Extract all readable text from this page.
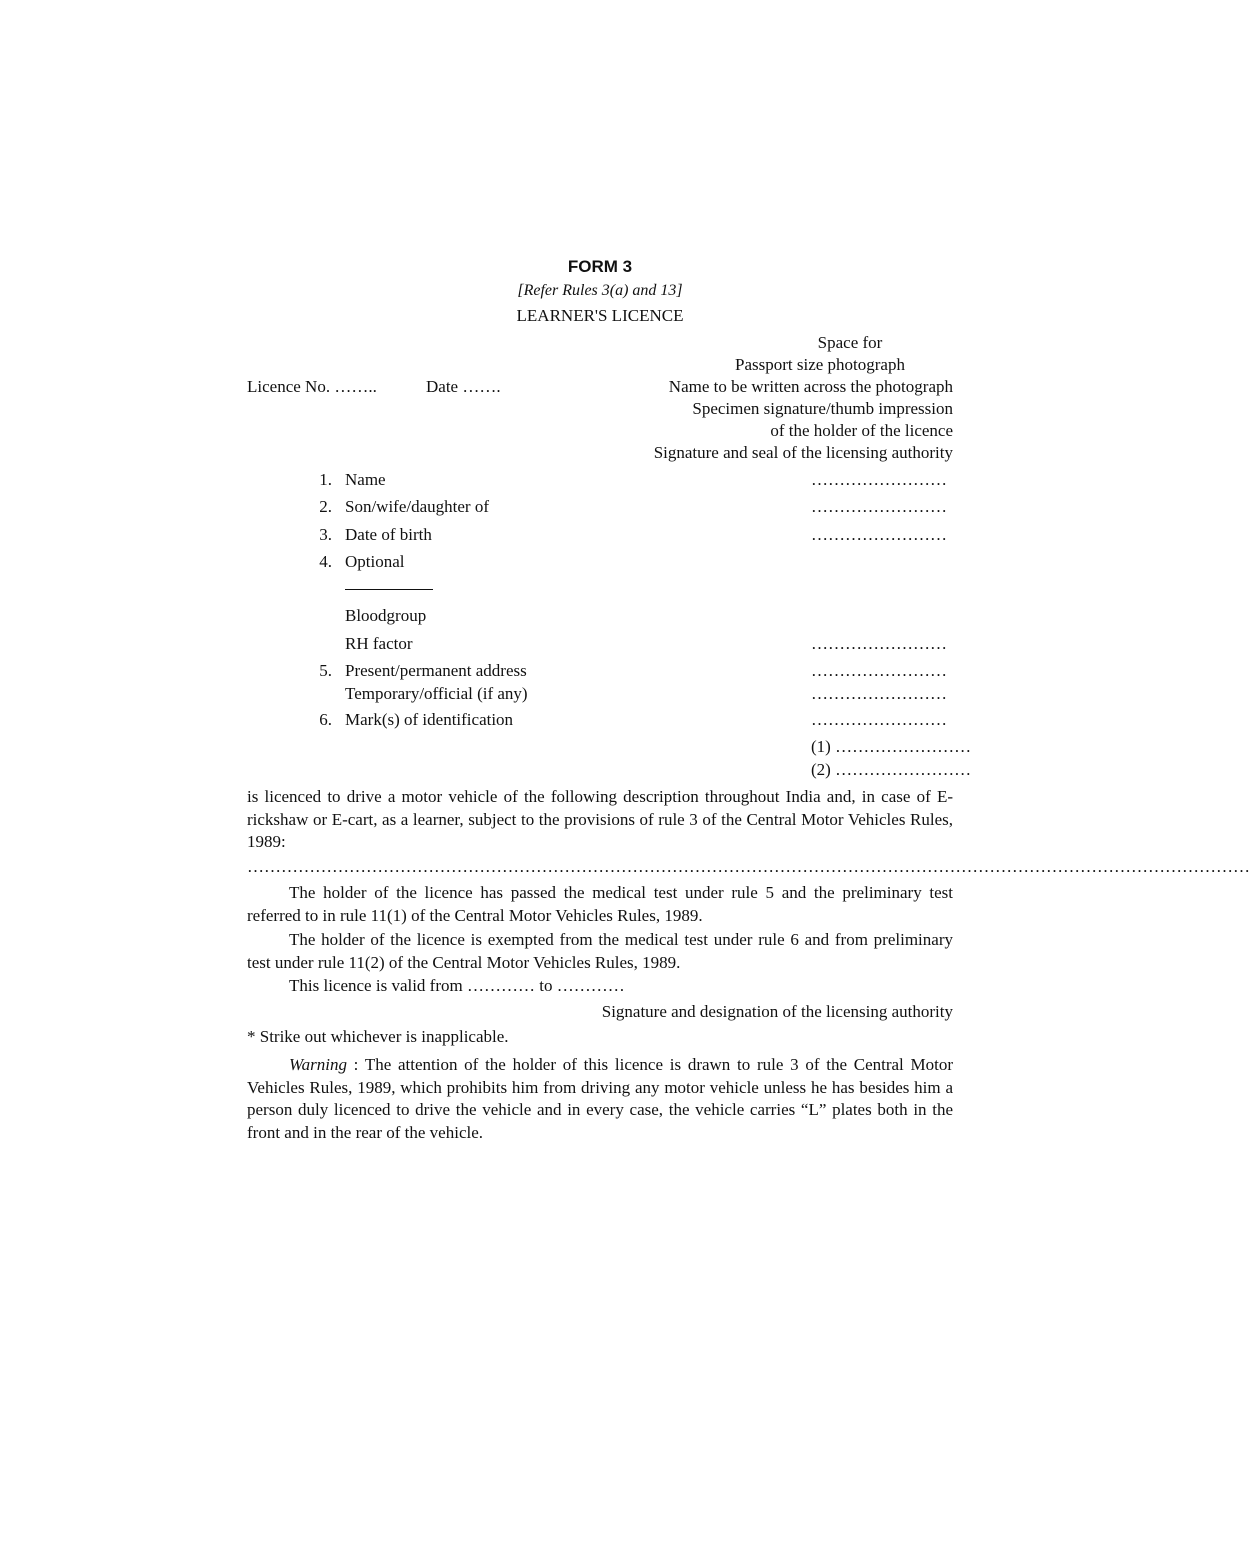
FORM 3
[Refer Rules 3(a) and 13]
LEARNER'S LICENCE
Space for
Passport size photograph
Name to be written across the photograph
Specimen signature/thumb impression
of the holder of the licence
Signature and seal of the licensing authority
Licence No. ……..	Date …….
1. Name	……………………
2. Son/wife/daughter of	……………………
3. Date of birth	……………………
4. Optional
Bloodgroup
RH factor	……………………
5. Present/permanent address	……………………
Temporary/official (if any)	……………………
6. Mark(s) of identification	……………………
(1) ……………………
(2) ……………………
is licenced to drive a motor vehicle of the following description throughout India and, in case of E-rickshaw or E-cart, as a learner, subject to the provisions of rule 3 of the Central Motor Vehicles Rules, 1989:
……………………………………………………………………………………………………………………………………………………………
The holder of the licence has passed the medical test under rule 5 and the preliminary test referred to in rule 11(1) of the Central Motor Vehicles Rules, 1989.
The holder of the licence is exempted from the medical test under rule 6 and from preliminary test under rule 11(2) of the Central Motor Vehicles Rules, 1989.
This licence is valid from ………… to …………
Signature and designation of the licensing authority
* Strike out whichever is inapplicable.
Warning : The attention of the holder of this licence is drawn to rule 3 of the Central Motor Vehicles Rules, 1989, which prohibits him from driving any motor vehicle unless he has besides him a person duly licenced to drive the vehicle and in every case, the vehicle carries “L” plates both in the front and in the rear of the vehicle.
